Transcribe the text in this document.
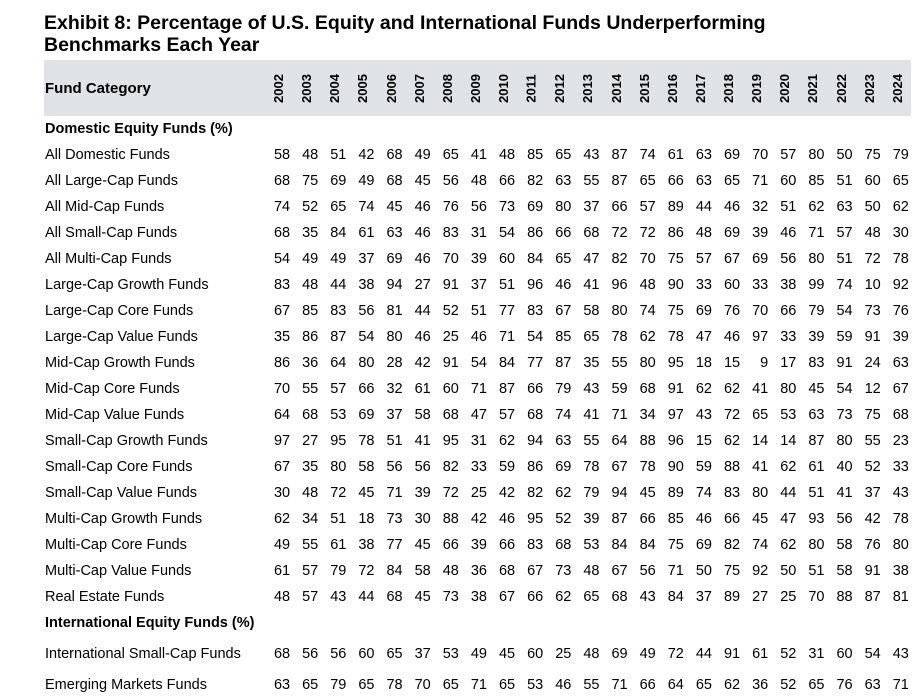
Exhibit 8: Percentage of U.S. Equity and International Funds Underperforming Benchmarks Each Year
Fund Category	2002	2003	2004	2005	2006	2007	2008	2009	2010	2011	2012	2013	2014	2015	2016	2017	2018	2019	2020	2021	2022	2023	2024
Domestic Equity Funds (%)																							
All Domestic Funds	58	48	51	42	68	49	65	41	48	85	65	43	87	74	61	63	69	70	57	80	50	75	79
All Large-Cap Funds	68	75	69	49	68	45	56	48	66	82	63	55	87	65	66	63	65	71	60	85	51	60	65
All Mid-Cap Funds	74	52	65	74	45	46	76	56	73	69	80	37	66	57	89	44	46	32	51	62	63	50	62
All Small-Cap Funds	68	35	84	61	63	46	83	31	54	86	66	68	72	72	86	48	69	39	46	71	57	48	30
All Multi-Cap Funds	54	49	49	37	69	46	70	39	60	84	65	47	82	70	75	57	67	69	56	80	51	72	78
Large-Cap Growth Funds	83	48	44	38	94	27	91	37	51	96	46	41	96	48	90	33	60	33	38	99	74	10	92
Large-Cap Core Funds	67	85	83	56	81	44	52	51	77	83	67	58	80	74	75	69	76	70	66	79	54	73	76
Large-Cap Value Funds	35	86	87	54	80	46	25	46	71	54	85	65	78	62	78	47	46	97	33	39	59	91	39
Mid-Cap Growth Funds	86	36	64	80	28	42	91	54	84	77	87	35	55	80	95	18	15	9	17	83	91	24	63
Mid-Cap Core Funds	70	55	57	66	32	61	60	71	87	66	79	43	59	68	91	62	62	41	80	45	54	12	67
Mid-Cap Value Funds	64	68	53	69	37	58	68	47	57	68	74	41	71	34	97	43	72	65	53	63	73	75	68
Small-Cap Growth Funds	97	27	95	78	51	41	95	31	62	94	63	55	64	88	96	15	62	14	14	87	80	55	23
Small-Cap Core Funds	67	35	80	58	56	56	82	33	59	86	69	78	67	78	90	59	88	41	62	61	40	52	33
Small-Cap Value Funds	30	48	72	45	71	39	72	25	42	82	62	79	94	45	89	74	83	80	44	51	41	37	43
Multi-Cap Growth Funds	62	34	51	18	73	30	88	42	46	95	52	39	87	66	85	46	66	45	47	93	56	42	78
Multi-Cap Core Funds	49	55	61	38	77	45	66	39	66	83	68	53	84	84	75	69	82	74	62	80	58	76	80
Multi-Cap Value Funds	61	57	79	72	84	58	48	36	68	67	73	48	67	56	71	50	75	92	50	51	58	91	38
Real Estate Funds	48	57	43	44	68	45	73	38	67	66	62	65	68	43	84	37	89	27	25	70	88	87	81
International Equity Funds (%)																							
International Small-Cap Funds	68	56	56	60	65	37	53	49	45	60	25	48	69	49	72	44	91	61	52	31	60	54	43
Emerging Markets Funds	63	65	79	65	78	70	65	71	65	53	46	55	71	66	64	65	62	36	52	65	76	63	71
